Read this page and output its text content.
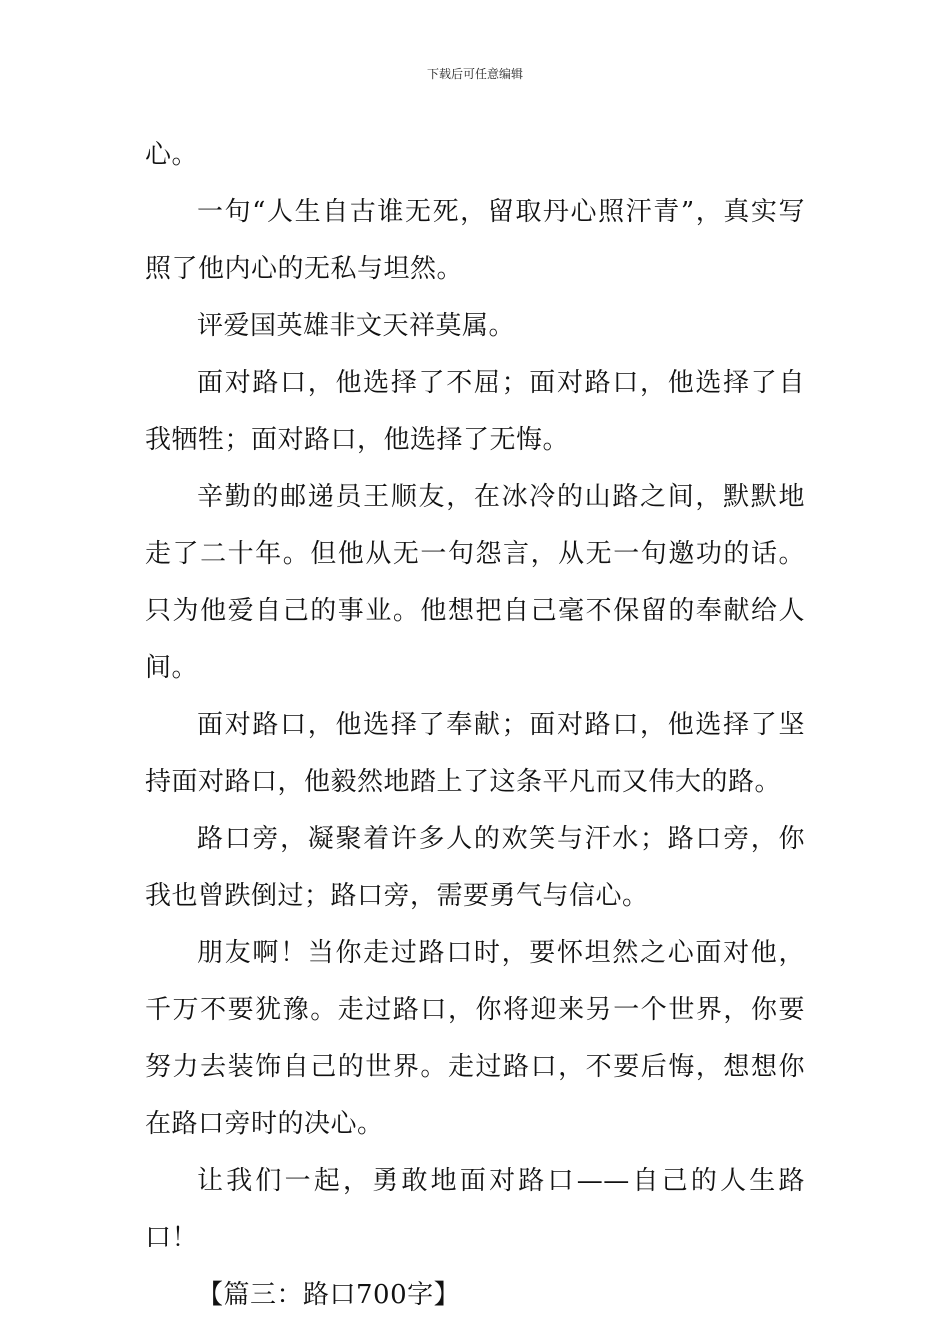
下载后可任意编辑

心。

一句“人生自古谁无死，留取丹心照汗青”，真实写照了他内心的无私与坦然。

评爱国英雄非文天祥莫属。

面对路口，他选择了不屈；面对路口，他选择了自我牺牲；面对路口，他选择了无悔。

辛勤的邮递员王顺友，在冰冷的山路之间，默默地走了二十年。但他从无一句怨言，从无一句邀功的话。只为他爱自己的事业。他想把自己毫不保留的奉献给人间。

面对路口，他选择了奉献；面对路口，他选择了坚持面对路口，他毅然地踏上了这条平凡而又伟大的路。

路口旁，凝聚着许多人的欢笑与汗水；路口旁，你我也曾跌倒过；路口旁，需要勇气与信心。

朋友啊！当你走过路口时，要怀坦然之心面对他，千万不要犹豫。走过路口，你将迎来另一个世界，你要努力去装饰自己的世界。走过路口，不要后悔，想想你在路口旁时的决心。

让我们一起，勇敢地面对路口——自己的人生路口！

【篇三：路口700字】
